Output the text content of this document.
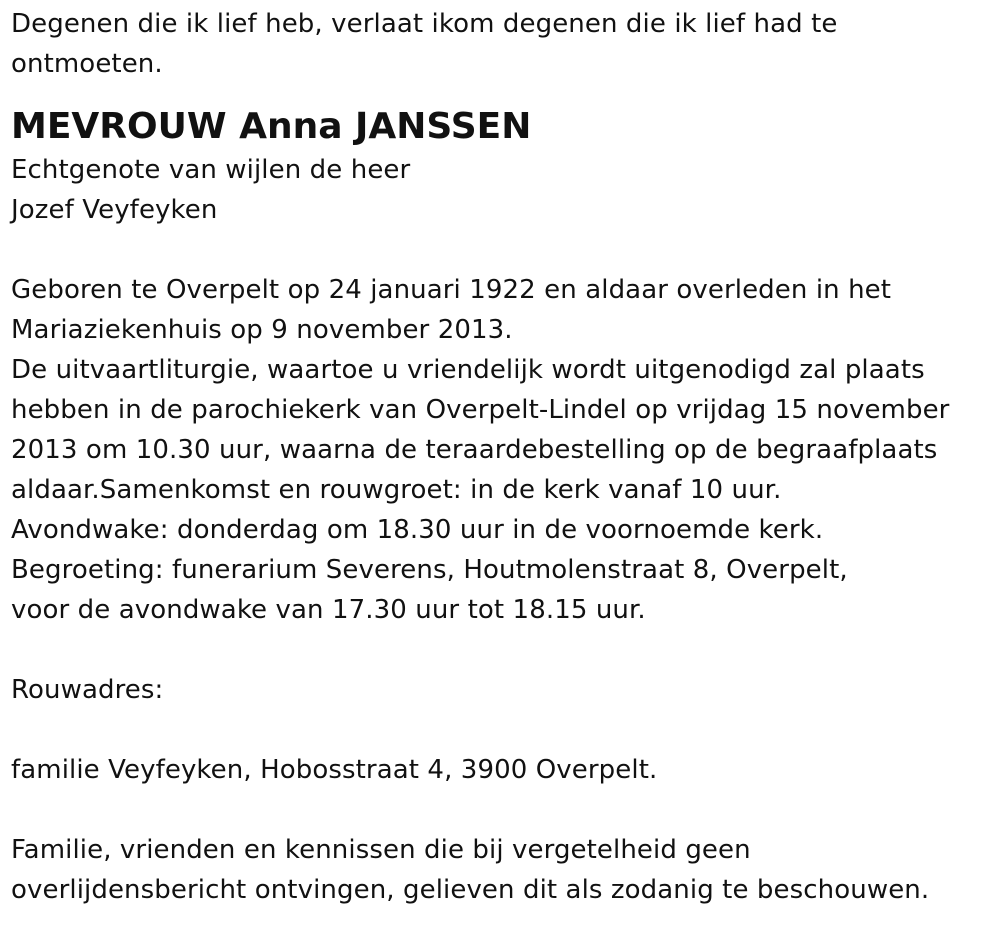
Degenen die ik lief heb, verlaat ikom degenen die ik lief had te
ontmoeten.
MEVROUW Anna JANSSEN
Echtgenote van wijlen de heer
Jozef Veyfeyken
Geboren te Overpelt op 24 januari 1922 en aldaar overleden in het
Mariaziekenhuis op 9 november 2013.
De uitvaartliturgie, waartoe u vriendelijk wordt uitgenodigd zal plaats
hebben in de parochiekerk van Overpelt-Lindel op vrijdag 15 november
2013 om 10.30 uur, waarna de teraardebestelling op de begraafplaats
aldaar.Samenkomst en rouwgroet: in de kerk vanaf 10 uur.
Avondwake: donderdag om 18.30 uur in de voornoemde kerk.
Begroeting: funerarium Severens, Houtmolenstraat 8, Overpelt,
voor de avondwake van 17.30 uur tot 18.15 uur.
Rouwadres:
familie Veyfeyken, Hobosstraat 4, 3900 Overpelt.
Familie, vrienden en kennissen die bij vergetelheid geen
overlijdensbericht ontvingen, gelieven dit als zodanig te beschouwen.
